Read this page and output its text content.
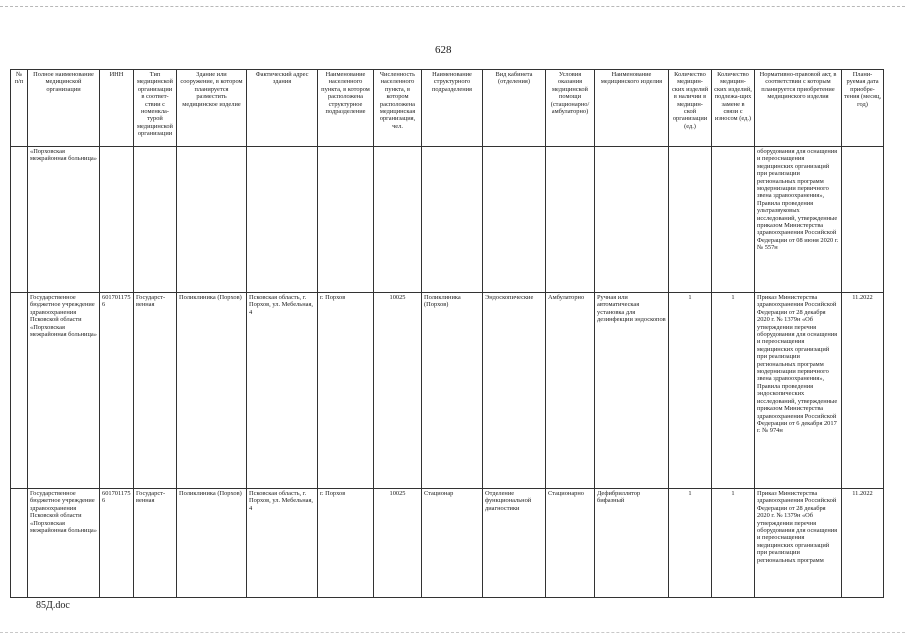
628
№ п/п	Полное наименование медицинской организации	ИНН	Тип медицинской организации в соответ-ствии с номенкла-турой медицинской организации	Здание или сооружение, в котором планируется разместить медицинское изделие	Фактический адрес здания	Наименование населенного пункта, в котором расположена структурное подразделение	Численность населенного пункта, в котором расположена медицинская организация, чел.	Наименование структурного подразделения	Вид кабинета (отделения)	Условия оказания медицинской помощи (стационарно/ амбулаторно)	Наименование медицинского изделия	Количество медицин-ских изделий в наличии в медицин-ской организации (ед.)	Количество медицин-ских изделий, подлежа-щих замене в связи с износом (ед.)	Нормативно-правовой акт, в соответствии с которым планируется приобретение медицинского изделия	Плани-руемая дата приобре-тения (месяц, год)
	«Порховская межрайонная больница»													оборудования для оснащения и переоснащения медицинских организаций при реализации региональных программ модернизации первичного звена здравоохранения», Правила проведения ультразвуковых исследований, утвержденные приказом Министерства здравоохранения Российской Федерации от 08 июня 2020 г. № 557н	
	Государственное бюджетное учреждение здравоохранения Псковской области «Порховская межрайонная больница»	6017011756	Государст-венная	Поликлиника (Порхов)	Псковская область, г. Порхов, ул. Мебельная, 4	г. Порхов	10025	Поликлиника (Порхов)	Эндоскопические	Амбулаторно	Ручная или автоматическая установка для дезинфекции эндоскопов	1	1	Приказ Министерства здравоохранения Российской Федерации от 28 декабря 2020 г. № 1379н «Об утверждении перечня оборудования для оснащения и переоснащения медицинских организаций при реализации региональных программ модернизации первичного звена здравоохранения», Правила проведения эндоскопических исследований, утвержденные приказом Министерства здравоохранения Российской Федерации от 6 декабря 2017 г. № 974н	11.2022
	Государственное бюджетное учреждение здравоохранения Псковской области «Порховская межрайонная больница»	6017011756	Государст-венная	Поликлиника (Порхов)	Псковская область, г. Порхов, ул. Мебельная, 4	г. Порхов	10025	Стационар	Отделение функциональной диагностики	Стационарно	Дефибриллятор бифазный	1	1	Приказ Министерства здравоохранения Российской Федерации от 28 декабря 2020 г. № 1379н «Об утверждении перечня оборудования для оснащения и переоснащения медицинских организаций при реализации региональных программ	11.2022
85Д.doc
